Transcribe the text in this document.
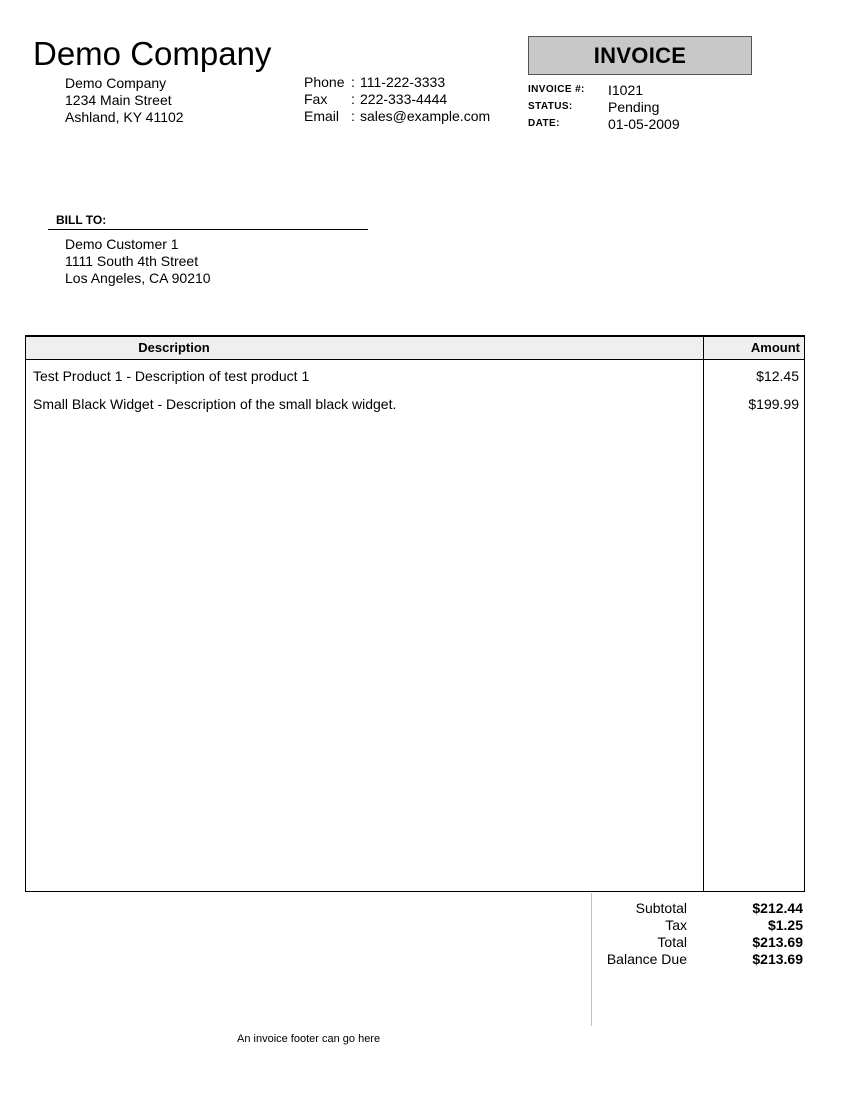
Demo Company
Demo Company
1234 Main Street
Ashland, KY 41102
Phone : 111-222-3333
Fax	: 222-333-4444
Email : sales@example.com
INVOICE
INVOICE #:	I1021
STATUS:	Pending
DATE:	01-05-2009
BILL TO:
Demo Customer 1
1111 South 4th Street
Los Angeles, CA 90210
Description	Amount
Test Product 1 - Description of test product 1	$12.45
Small Black Widget - Description of the small black widget.	$199.99
Subtotal	$212.44
Tax	$1.25
Total	$213.69
Balance Due	$213.69
An invoice footer can go here
